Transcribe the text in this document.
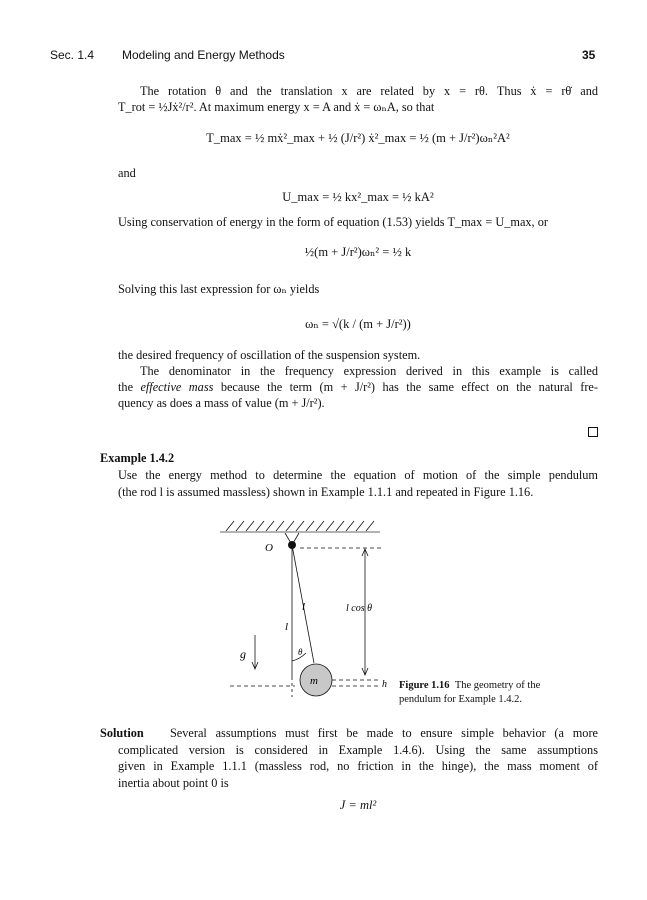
Sec. 1.4 Modeling and Energy Methods	35
The rotation θ and the translation x are related by x = rθ. Thus ẋ = rθ̇ and
T_rot = ½Jẋ²/r². At maximum energy x = A and ẋ = ωₙA, so that
T_max = ½ mẋ²_max + ½ (J/r²) ẋ²_max = ½ (m + J/r²)ωₙ²A²
and
U_max = ½ kx²_max = ½ kA²
Using conservation of energy in the form of equation (1.53) yields T_max = U_max, or
½(m + J/r²)ωₙ² = ½ k
Solving this last expression for ωₙ yields
ωₙ = √(k / (m + J/r²))
the desired frequency of oscillation of the suspension system.
The denominator in the frequency expression derived in this example is called
the effective mass because the term (m + J/r²) has the same effect on the natural fre-
quency as does a mass of value (m + J/r²).
Example 1.4.2
Use the energy method to determine the equation of motion of the simple pendulum
(the rod l is assumed massless) shown in Example 1.1.1 and repeated in Figure 1.16.
O
l
l
l cos θ
θ
m
g
h Figure 1.16 The geometry of the
pendulum for Example 1.4.2.
Solution Several assumptions must first be made to ensure simple behavior (a more
complicated version is considered in Example 1.4.6). Using the same assumptions
given in Example 1.1.1 (massless rod, no friction in the hinge), the mass moment of
inertia about point 0 is
J = ml²
